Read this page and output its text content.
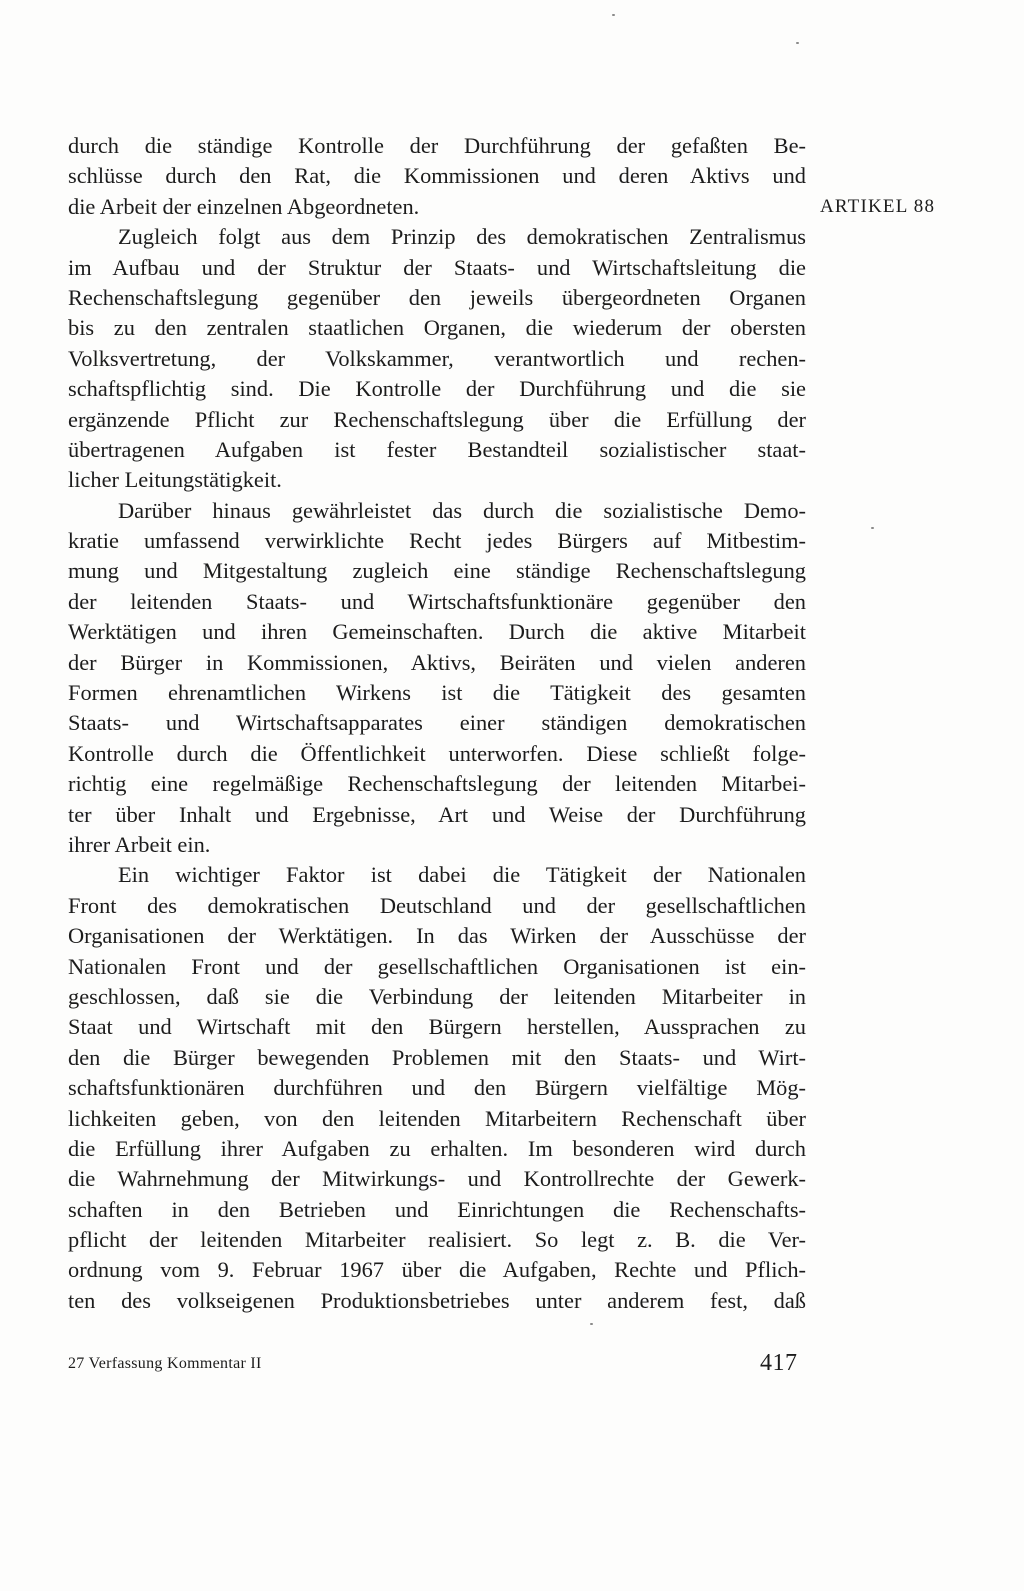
durch die ständige Kontrolle der Durchführung der gefaßten Be-
schlüsse durch den Rat, die Kommissionen und deren Aktivs und
die Arbeit der einzelnen Abgeordneten.
Zugleich folgt aus dem Prinzip des demokratischen Zentralismus
im Aufbau und der Struktur der Staats- und Wirtschaftsleitung die
Rechenschaftslegung gegenüber den jeweils übergeordneten Organen
bis zu den zentralen staatlichen Organen, die wiederum der obersten
Volksvertretung, der Volkskammer, verantwortlich und rechen-
schaftspflichtig sind. Die Kontrolle der Durchführung und die sie
ergänzende Pflicht zur Rechenschaftslegung über die Erfüllung der
übertragenen Aufgaben ist fester Bestandteil sozialistischer staat-
licher Leitungstätigkeit.
Darüber hinaus gewährleistet das durch die sozialistische Demo-
kratie umfassend verwirklichte Recht jedes Bürgers auf Mitbestim-
mung und Mitgestaltung zugleich eine ständige Rechenschaftslegung
der leitenden Staats- und Wirtschaftsfunktionäre gegenüber den
Werktätigen und ihren Gemeinschaften. Durch die aktive Mitarbeit
der Bürger in Kommissionen, Aktivs, Beiräten und vielen anderen
Formen ehrenamtlichen Wirkens ist die Tätigkeit des gesamten
Staats- und Wirtschaftsapparates einer ständigen demokratischen
Kontrolle durch die Öffentlichkeit unterworfen. Diese schließt folge-
richtig eine regelmäßige Rechenschaftslegung der leitenden Mitarbei-
ter über Inhalt und Ergebnisse, Art und Weise der Durchführung
ihrer Arbeit ein.
Ein wichtiger Faktor ist dabei die Tätigkeit der Nationalen
Front des demokratischen Deutschland und der gesellschaftlichen
Organisationen der Werktätigen. In das Wirken der Ausschüsse der
Nationalen Front und der gesellschaftlichen Organisationen ist ein-
geschlossen, daß sie die Verbindung der leitenden Mitarbeiter in
Staat und Wirtschaft mit den Bürgern herstellen, Aussprachen zu
den die Bürger bewegenden Problemen mit den Staats- und Wirt-
schaftsfunktionären durchführen und den Bürgern vielfältige Mög-
lichkeiten geben, von den leitenden Mitarbeitern Rechenschaft über
die Erfüllung ihrer Aufgaben zu erhalten. Im besonderen wird durch
die Wahrnehmung der Mitwirkungs- und Kontrollrechte der Gewerk-
schaften in den Betrieben und Einrichtungen die Rechenschafts-
pflicht der leitenden Mitarbeiter realisiert. So legt z. B. die Ver-
ordnung vom 9. Februar 1967 über die Aufgaben, Rechte und Pflich-
ten des volkseigenen Produktionsbetriebes unter anderem fest, daß
ARTIKEL 88
27 Verfassung Kommentar II	417
